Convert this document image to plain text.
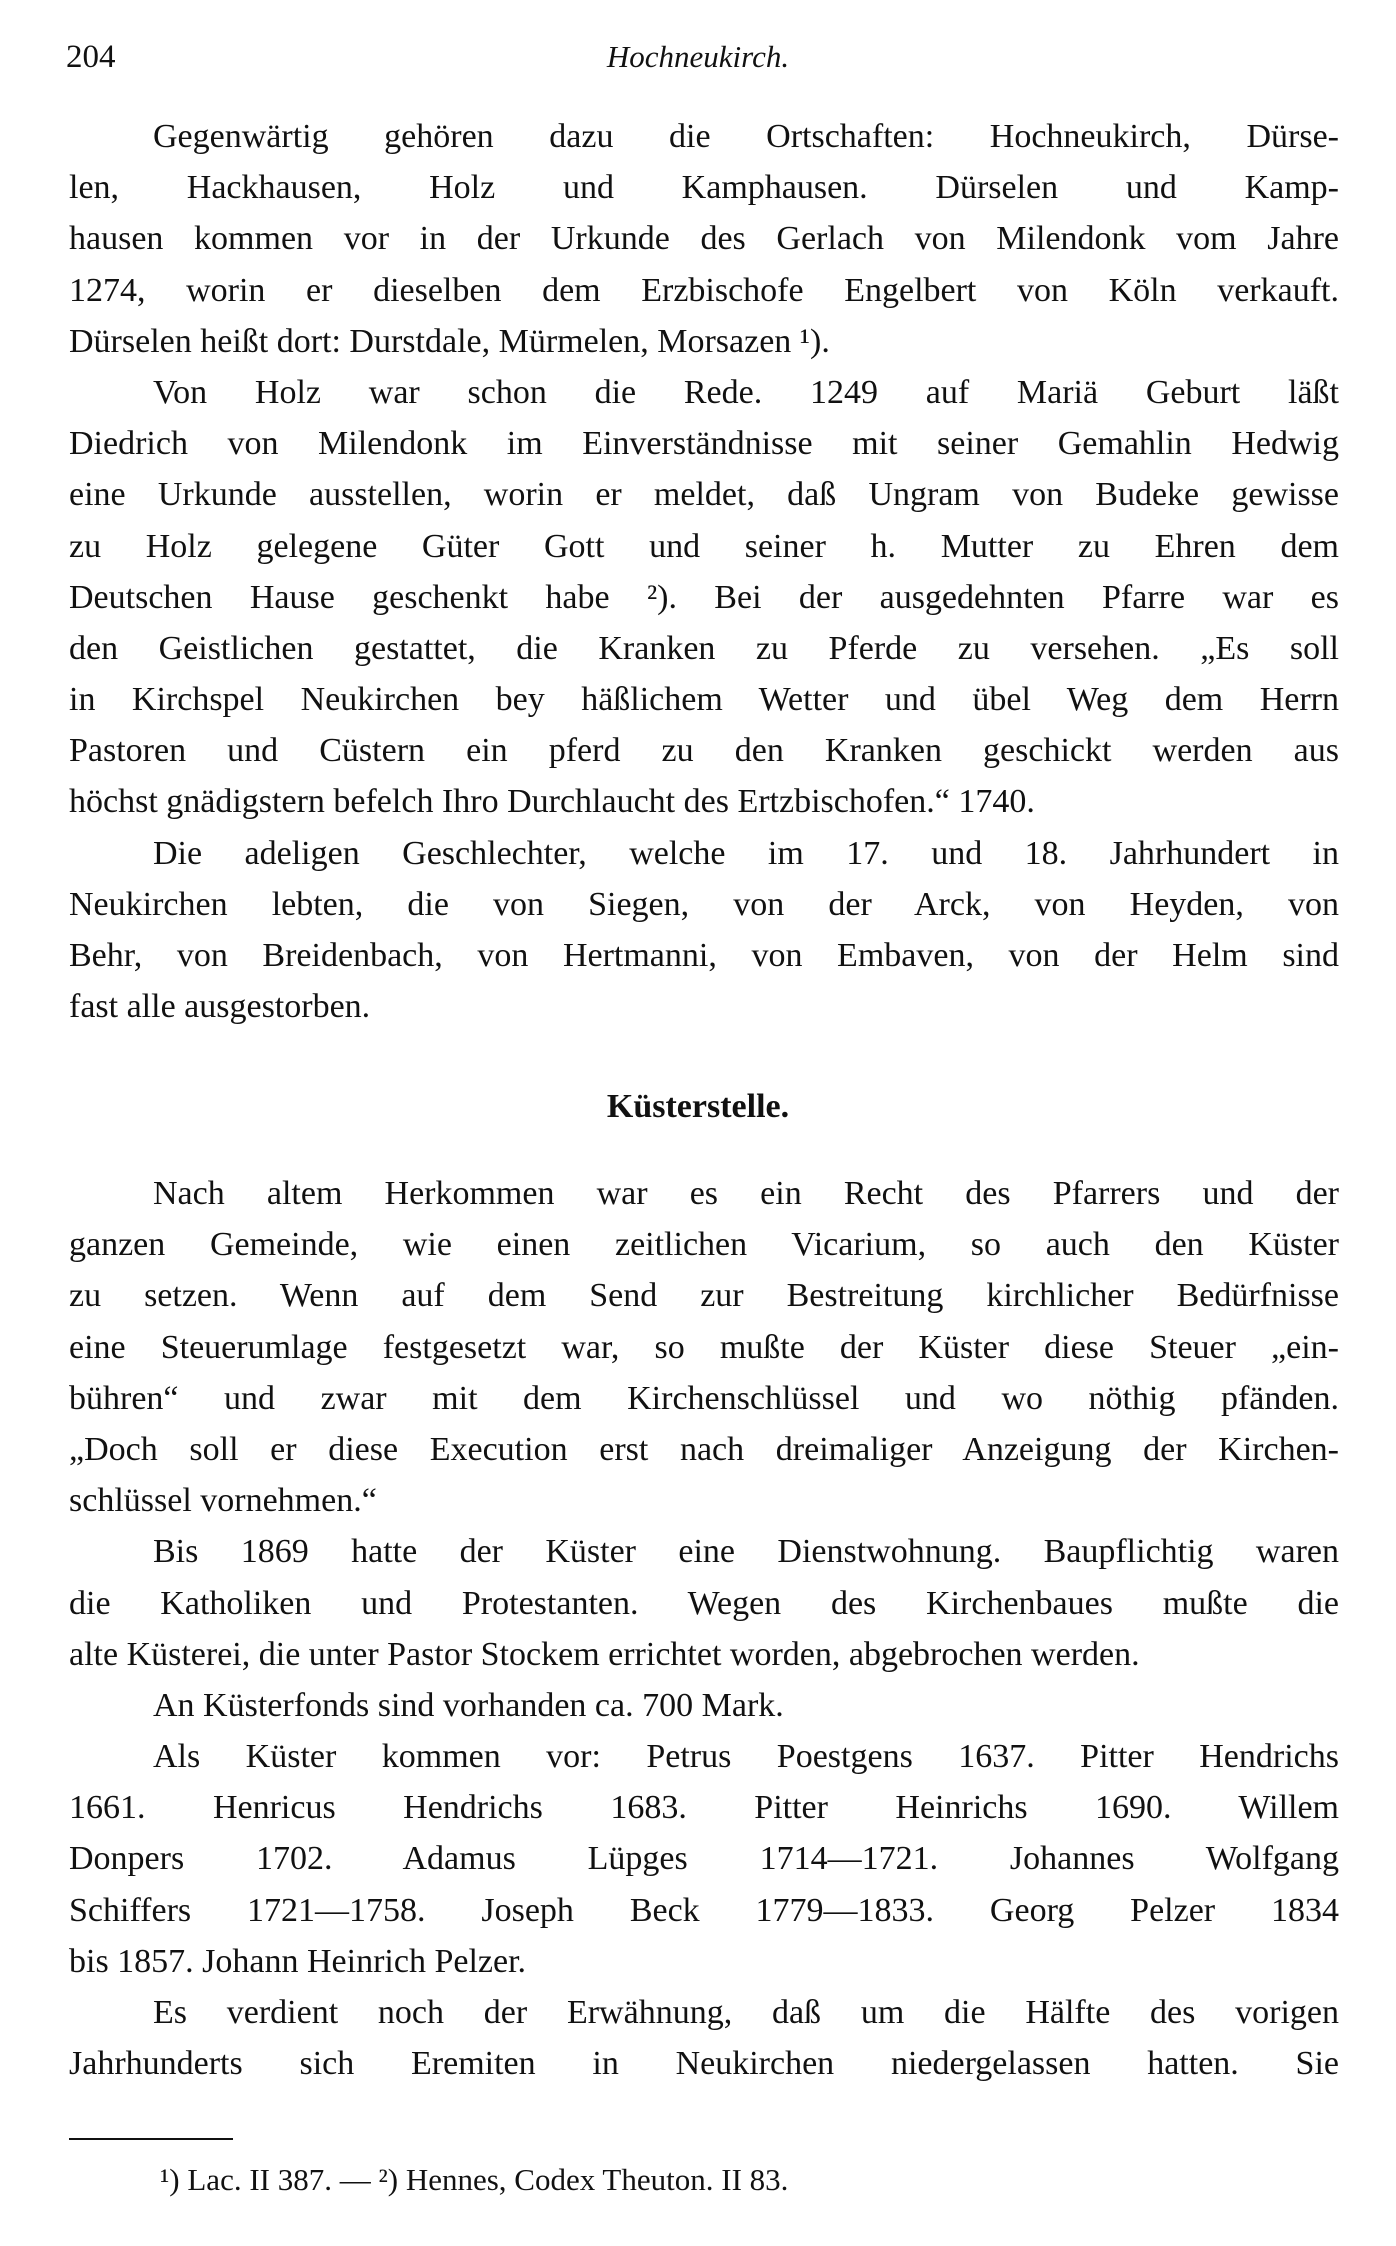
204	Hochneukirch.
Gegenwärtig gehören dazu die Ortschaften: Hochneukirch, Dürse-
len, Hackhausen, Holz und Kamphausen. Dürselen und Kamp-
hausen kommen vor in der Urkunde des Gerlach von Milendonk vom Jahre
1274, worin er dieselben dem Erzbischofe Engelbert von Köln verkauft.
Dürselen heißt dort: Durstdale, Mürmelen, Morsazen ¹).
Von Holz war schon die Rede. 1249 auf Mariä Geburt läßt
Diedrich von Milendonk im Einverständnisse mit seiner Gemahlin Hedwig
eine Urkunde ausstellen, worin er meldet, daß Ungram von Budeke gewisse
zu Holz gelegene Güter Gott und seiner h. Mutter zu Ehren dem
Deutschen Hause geschenkt habe ²). Bei der ausgedehnten Pfarre war es
den Geistlichen gestattet, die Kranken zu Pferde zu versehen. „Es soll
in Kirchspel Neukirchen bey häßlichem Wetter und übel Weg dem Herrn
Pastoren und Cüstern ein pferd zu den Kranken geschickt werden aus
höchst gnädigstern befelch Ihro Durchlaucht des Ertzbischofen.“ 1740.
Die adeligen Geschlechter, welche im 17. und 18. Jahrhundert in
Neukirchen lebten, die von Siegen, von der Arck, von Heyden, von
Behr, von Breidenbach, von Hertmanni, von Embaven, von der Helm sind
fast alle ausgestorben.
Küsterstelle.
Nach altem Herkommen war es ein Recht des Pfarrers und der
ganzen Gemeinde, wie einen zeitlichen Vicarium, so auch den Küster
zu setzen. Wenn auf dem Send zur Bestreitung kirchlicher Bedürfnisse
eine Steuerumlage festgesetzt war, so mußte der Küster diese Steuer „ein-
bühren“ und zwar mit dem Kirchenschlüssel und wo nöthig pfänden.
„Doch soll er diese Execution erst nach dreimaliger Anzeigung der Kirchen-
schlüssel vornehmen.“
Bis 1869 hatte der Küster eine Dienstwohnung. Baupflichtig waren
die Katholiken und Protestanten. Wegen des Kirchenbaues mußte die
alte Küsterei, die unter Pastor Stockem errichtet worden, abgebrochen werden.
An Küsterfonds sind vorhanden ca. 700 Mark.
Als Küster kommen vor: Petrus Poestgens 1637. Pitter Hendrichs
1661. Henricus Hendrichs 1683. Pitter Heinrichs 1690. Willem
Donpers 1702. Adamus Lüpges 1714—1721. Johannes Wolfgang
Schiffers 1721—1758. Joseph Beck 1779—1833. Georg Pelzer 1834
bis 1857. Johann Heinrich Pelzer.
Es verdient noch der Erwähnung, daß um die Hälfte des vorigen
Jahrhunderts sich Eremiten in Neukirchen niedergelassen hatten. Sie
¹) Lac. II 387. — ²) Hennes, Codex Theuton. II 83.
